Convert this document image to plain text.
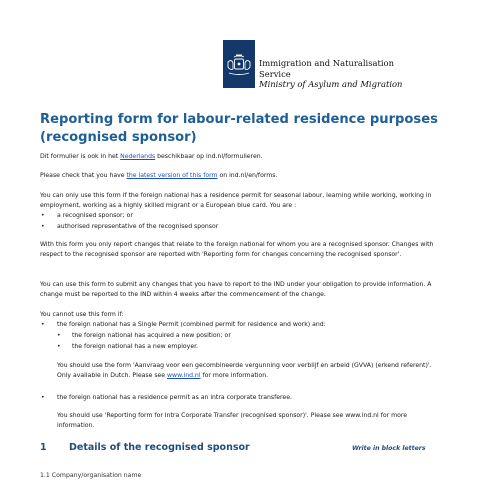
Immigration and Naturalisation
Service
Ministry of Asylum and Migration
Reporting form for labour-related residence purposes
(recognised sponsor)

Dit formulier is ook in het Nederlands beschikbaar op ind.nl/formulieren.

Please check that you have the latest version of this form on ind.nl/en/forms.

You can only use this form if the foreign national has a residence permit for seasonal labour, learning while working, working in employment, working as a highly skilled migrant or a European blue card. You are :

• a recognised sponsor; or
• authorised representative of the recognised sponsor

With this form you only report changes that relate to the foreign national for whom you are a recognised sponsor. Changes with respect to the recognised sponsor are reported with 'Reporting form for changes concerning the recognised sponsor'.

You can use this form to submit any changes that you have to report to the IND under your obligation to provide information. A change must be reported to the IND within 4 weeks after the commencement of the change.

You cannot use this form if:

• the foreign national has a Single Permit (combined permit for residence and work) and:
• the foreign national has acquired a new position; or
• the foreign national has a new employer.

You should use the form 'Aanvraag voor een gecombineerde vergunning voor verblijf en arbeid (GVVA) (erkend referent)'. Only available in Dutch. Please see www.ind.nl for more information.

• the foreign national has a residence permit as an intra corporate transferee.

You should use 'Reporting form for Intra Corporate Transfer (recognised sponsor)'. Please see www.ind.nl for more information.

1 Details of the recognised sponsor	Write in block letters
1.1 Company/organisation name
